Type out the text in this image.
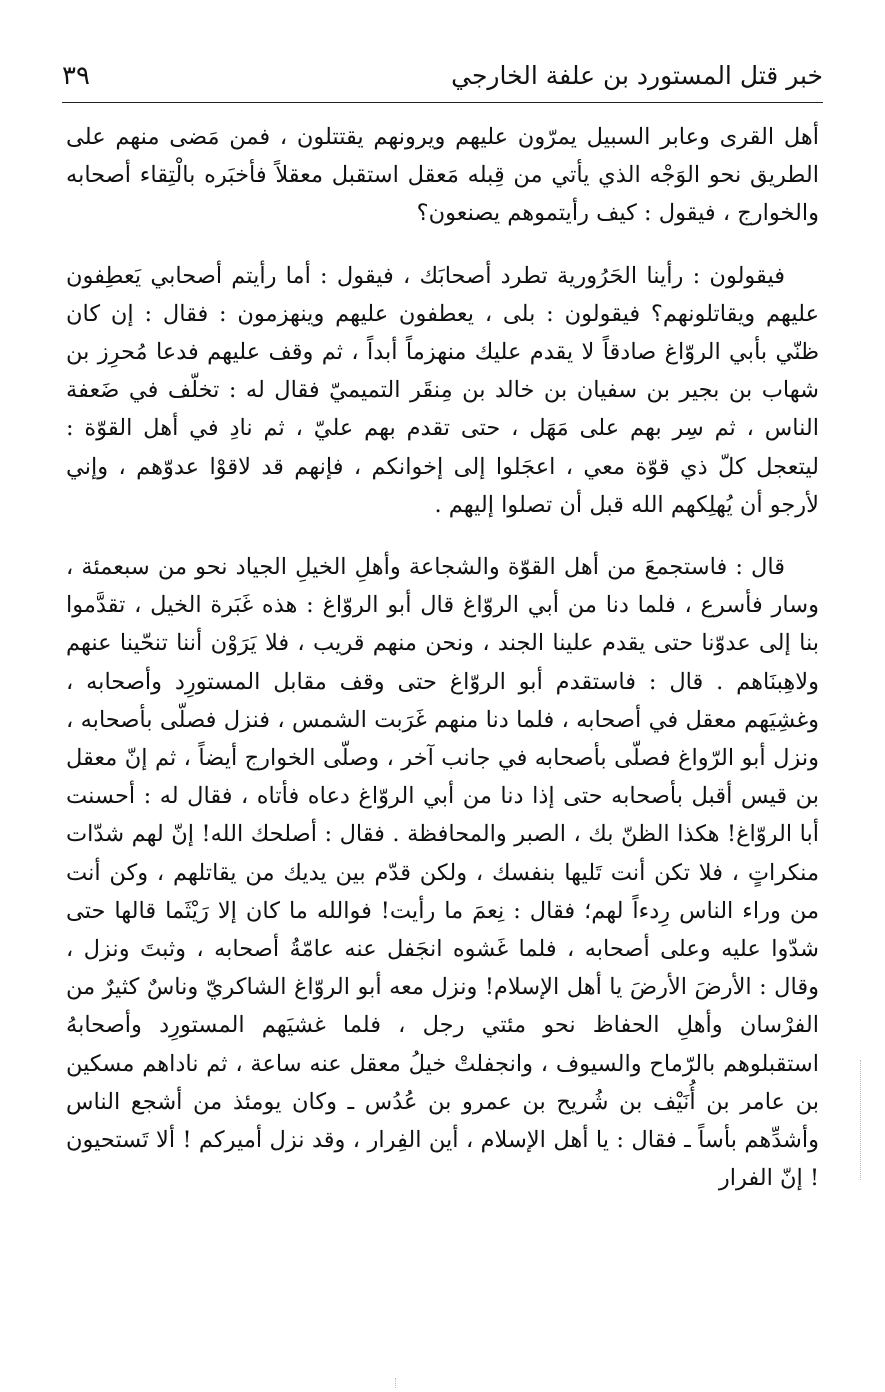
خبر قتل المستورد بن علفة الخارجي
٣٩

أهل القرى وعابر السبيل يمرّون عليهم ويرونهم يقتتلون ، فمن مَضى منهم على الطريق نحو الوَجْه الذي يأتي من قِبله مَعقل استقبل معقلاً فأخبَره بالْتِقاء أصحابه والخوارج ، فيقول : كيف رأيتموهم يصنعون؟

فيقولون : رأينا الحَرُورية تطرد أصحابَك ، فيقول : أما رأيتم أصحابي يَعطِفون عليهم ويقاتلونهم؟ فيقولون : بلى ، يعطفون عليهم وينهزمون : فقال : إن كان ظنّي بأبي الروّاغ صادقاً لا يقدم عليك منهزماً أبداً ، ثم وقف عليهم فدعا مُحرِز بن شهاب بن بجير بن سفيان بن خالد بن مِنقَر التميميّ فقال له : تخلّف في ضَعفة الناس ، ثم سِر بهم على مَهَل ، حتى تقدم بهم عليّ ، ثم نادِ في أهل القوّة : ليتعجل كلّ ذي قوّة معي ، اعجَلوا إلى إخوانكم ، فإنهم قد لاقوْا عدوّهم ، وإني لأرجو أن يُهلِكهم الله قبل أن تصلوا إليهم .

قال : فاستجمعَ من أهل القوّة والشجاعة وأهلِ الخيلِ الجياد نحو من سبعمئة ، وسار فأسرع ، فلما دنا من أبي الروّاغ قال أبو الروّاغ : هذه غَبَرة الخيل ، تقدَّموا بنا إلى عدوّنا حتى يقدم علينا الجند ، ونحن منهم قريب ، فلا يَرَوْن أننا تنحّينا عنهم ولاهِبنَاهم . قال : فاستقدم أبو الروّاغ حتى وقف مقابل المستورِد وأصحابه ، وغشِيَهم معقل في أصحابه ، فلما دنا منهم غَرَبت الشمس ، فنزل فصلّى بأصحابه ، ونزل أبو الرّواغ فصلّى بأصحابه في جانب آخر ، وصلّى الخوارج أيضاً ، ثم إنّ معقل بن قيس أقبل بأصحابه حتى إذا دنا من أبي الروّاغ دعاه فأتاه ، فقال له : أحسنت أبا الروّاغ! هكذا الظنّ بك ، الصبر والمحافظة . فقال : أصلحك الله! إنّ لهم شدّات منكراتٍ ، فلا تكن أنت تَليها بنفسك ، ولكن قدّم بين يديك من يقاتلهم ، وكن أنت من وراء الناس رِدءاً لهم؛ فقال : نِعمَ ما رأيت! فوالله ما كان إلا رَيْثَما قالها حتى شدّوا عليه وعلى أصحابه ، فلما غَشوه انجَفل عنه عامّةُ أصحابه ، وثبتَ ونزل ، وقال : الأرضَ الأرضَ يا أهل الإسلام! ونزل معه أبو الروّاغ الشاكريّ وناسٌ كثيرٌ من الفرْسان وأهلِ الحفاظ نحو مئتي رجل ، فلما غشيَهم المستورِد وأصحابهُ استقبلوهم بالرّماح والسيوف ، وانجفلتْ خيلُ معقل عنه ساعة ، ثم ناداهم مسكين بن عامر بن أُنَيْف بن شُريح بن عمرو بن عُدُس ـ وكان يومئذ من أشجع الناس وأشدِّهم بأساً ـ فقال : يا أهل الإسلام ، أين الفِرار ، وقد نزل أميركم ! ألا تَستحيون ! إنّ الفرار
